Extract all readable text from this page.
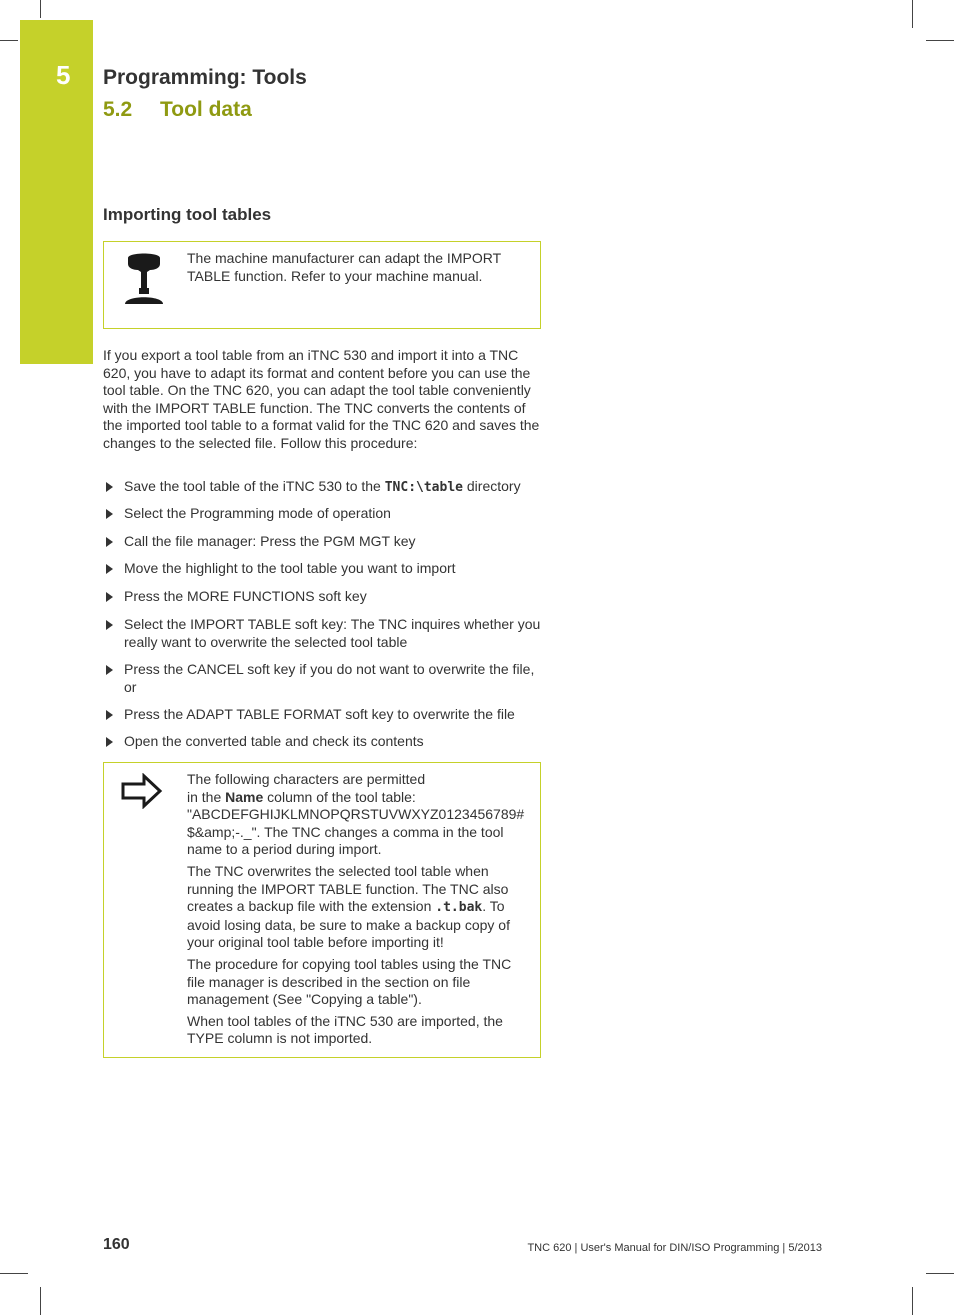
5 Programming: Tools
5.2 Tool data
Importing tool tables

The machine manufacturer can adapt the IMPORT TABLE function. Refer to your machine manual.

If you export a tool table from an iTNC 530 and import it into a TNC 620, you have to adapt its format and content before you can use the tool table. On the TNC 620, you can adapt the tool table conveniently with the IMPORT TABLE function. The TNC converts the contents of the imported tool table to a format valid for the TNC 620 and saves the changes to the selected file. Follow this procedure:

Save the tool table of the iTNC 530 to the TNC:\table directory
Select the Programming mode of operation
Call the file manager: Press the PGM MGT key
Move the highlight to the tool table you want to import
Press the MORE FUNCTIONS soft key
Select the IMPORT TABLE soft key: The TNC inquires whether you really want to overwrite the selected tool table
Press the CANCEL soft key if you do not want to overwrite the file, or
Press the ADAPT TABLE FORMAT soft key to overwrite the file
Open the converted table and check its contents

The following characters are permitted
in the Name column of the tool table:
"ABCDEFGHIJKLMNOPQRSTUVWXYZ0123456789#
$&amp;-._". The TNC changes a comma in the tool name to a period during import.

The TNC overwrites the selected tool table when running the IMPORT TABLE function. The TNC also creates a backup file with the extension .t.bak. To avoid losing data, be sure to make a backup copy of your original tool table before importing it!

The procedure for copying tool tables using the TNC file manager is described in the section on file management (See "Copying a table").

When tool tables of the iTNC 530 are imported, the TYPE column is not imported.

160	TNC 620 | User's Manual for DIN/ISO Programming | 5/2013
